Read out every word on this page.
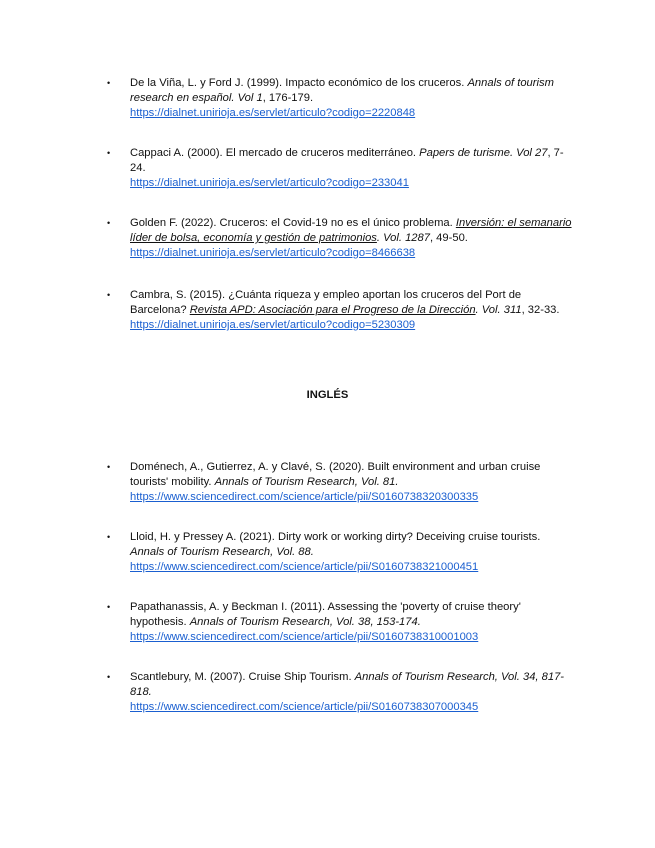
• De la Viña, L. y Ford J. (1999). Impacto económico de los cruceros. Annals of tourism research en español. Vol 1, 176-179.
https://dialnet.unirioja.es/servlet/articulo?codigo=2220848
• Cappaci A. (2000). El mercado de cruceros mediterráneo. Papers de turisme. Vol 27, 7-24.
https://dialnet.unirioja.es/servlet/articulo?codigo=233041
• Golden F. (2022). Cruceros: el Covid-19 no es el único problema. Inversión: el semanario líder de bolsa, economía y gestión de patrimonios. Vol. 1287, 49-50.
https://dialnet.unirioja.es/servlet/articulo?codigo=8466638
• Cambra, S. (2015). ¿Cuánta riqueza y empleo aportan los cruceros del Port de Barcelona? Revista APD: Asociación para el Progreso de la Dirección. Vol. 311, 32-33.
https://dialnet.unirioja.es/servlet/articulo?codigo=5230309
INGLÉS
• Doménech, A., Gutierrez, A. y Clavé, S. (2020). Built environment and urban cruise tourists' mobility. Annals of Tourism Research, Vol. 81.
https://www.sciencedirect.com/science/article/pii/S0160738320300335
• Lloid, H. y Pressey A. (2021). Dirty work or working dirty? Deceiving cruise tourists. Annals of Tourism Research, Vol. 88.
https://www.sciencedirect.com/science/article/pii/S0160738321000451
• Papathanassis, A. y Beckman I. (2011). Assessing the 'poverty of cruise theory' hypothesis. Annals of Tourism Research, Vol. 38, 153-174.
https://www.sciencedirect.com/science/article/pii/S0160738310001003
• Scantlebury, M. (2007). Cruise Ship Tourism. Annals of Tourism Research, Vol. 34, 817-818.
https://www.sciencedirect.com/science/article/pii/S0160738307000345
